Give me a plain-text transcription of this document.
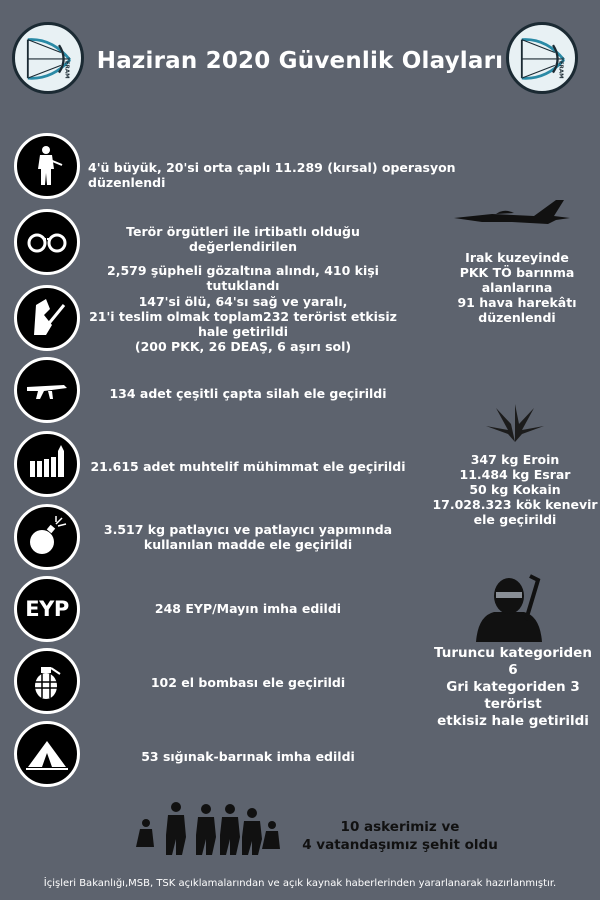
TERAM Haziran 2020 Güvenlik Olayları	TERAM
4'ü büyük, 20'si orta çaplı 11.289 (kırsal) operasyon düzenlendi
Terör örgütleri ile irtibatlı olduğu değerlendirilen
2,579 şüpheli gözaltına alındı, 410 kişi tutuklandı
147'si ölü, 64'sı sağ ve yaralı,
21'i teslim olmak toplam232 terörist etkisiz hale getirildi
(200 PKK, 26 DEAŞ, 6 aşırı sol)
134 adet çeşitli çapta silah ele geçirildi
21.615 adet muhtelif mühimmat ele geçirildi
3.517 kg patlayıcı ve patlayıcı yapımında
kullanılan madde ele geçirildi
EYP	248 EYP/Mayın imha edildi
102 el bombası ele geçirildi
53 sığınak-barınak imha edildi
Irak kuzeyinde
PKK TÖ barınma
alanlarına
91 hava harekâtı
düzenlendi
347 kg Eroin
11.484 kg Esrar
50 kg Kokain
17.028.323 kök kenevir
ele geçirildi
Turuncu kategoriden 6
Gri kategoriden 3
terörist
etkisiz hale getirildi
10 askerimiz ve
4 vatandaşımız şehit oldu
İçişleri Bakanlığı,MSB, TSK açıklamalarından ve açık kaynak haberlerinden yararlanarak hazırlanmıştır.
